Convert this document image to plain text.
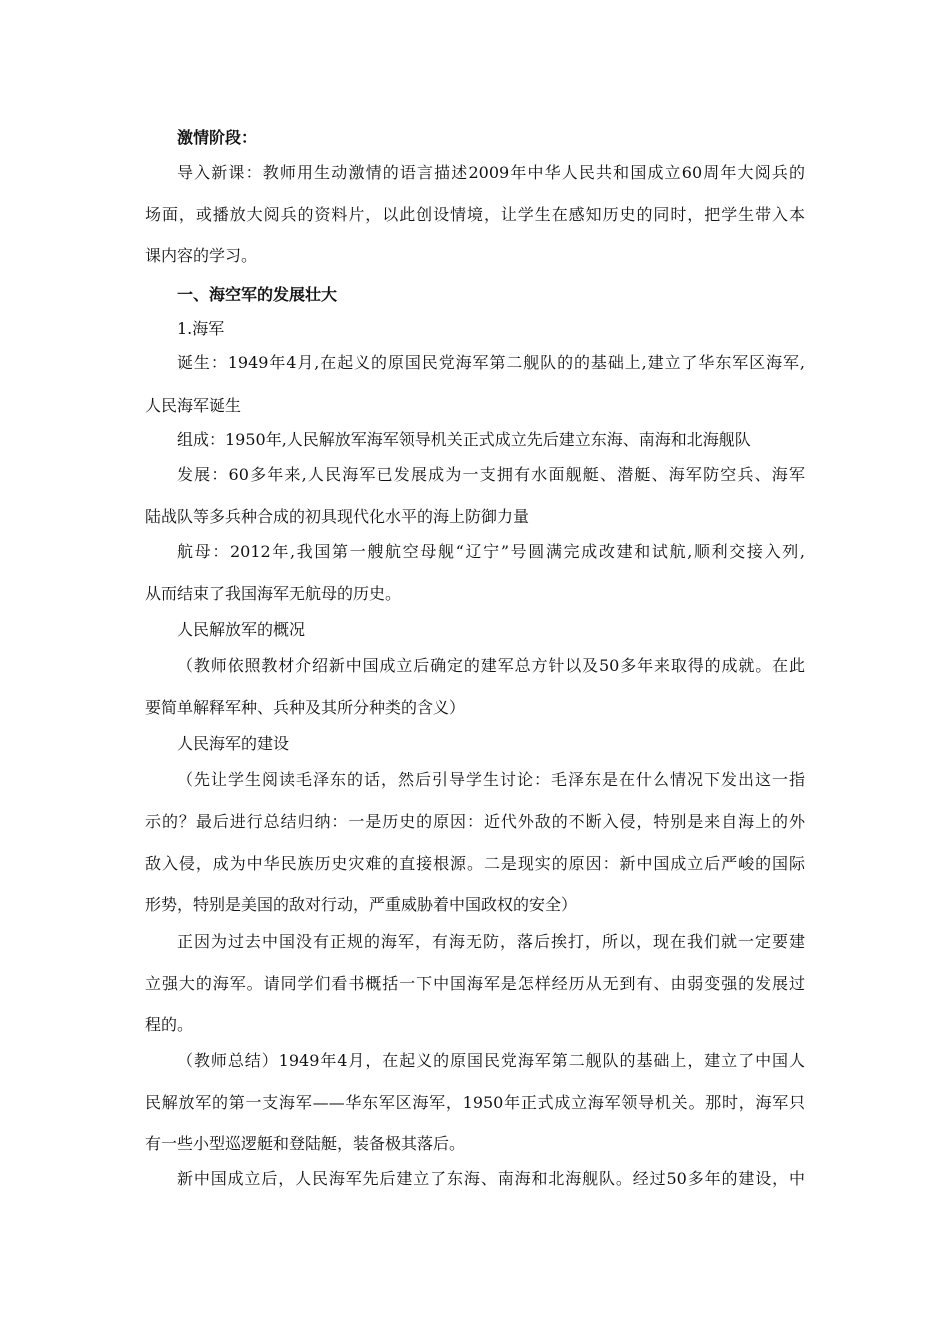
激情阶段：
导入新课：教师用生动激情的语言描述2009年中华人民共和国成立60周年大阅兵的
场面，或播放大阅兵的资料片，以此创设情境，让学生在感知历史的同时，把学生带入本
课内容的学习。
一、海空军的发展壮大
1.海军
诞生：1949年4月,在起义的原国民党海军第二舰队的的基础上,建立了华东军区海军,
人民海军诞生
组成：1950年,人民解放军海军领导机关正式成立先后建立东海、南海和北海舰队
发展：60多年来,人民海军已发展成为一支拥有水面舰艇、潜艇、海军防空兵、海军
陆战队等多兵种合成的初具现代化水平的海上防御力量
航母：2012年,我国第一艘航空母舰“辽宁”号圆满完成改建和试航,顺利交接入列,
从而结束了我国海军无航母的历史。
人民解放军的概况
（教师依照教材介绍新中国成立后确定的建军总方针以及50多年来取得的成就。在此
要简单解释军种、兵种及其所分种类的含义）
人民海军的建设
（先让学生阅读毛泽东的话，然后引导学生讨论：毛泽东是在什么情况下发出这一指
示的？最后进行总结归纳：一是历史的原因：近代外敌的不断入侵，特别是来自海上的外
敌入侵，成为中华民族历史灾难的直接根源。二是现实的原因：新中国成立后严峻的国际
形势，特别是美国的敌对行动，严重威胁着中国政权的安全）
正因为过去中国没有正规的海军，有海无防，落后挨打，所以，现在我们就一定要建
立强大的海军。请同学们看书概括一下中国海军是怎样经历从无到有、由弱变强的发展过
程的。
（教师总结）1949年4月，在起义的原国民党海军第二舰队的基础上，建立了中国人
民解放军的第一支海军——华东军区海军，1950年正式成立海军领导机关。那时，海军只
有一些小型巡逻艇和登陆艇，装备极其落后。
新中国成立后，人民海军先后建立了东海、南海和北海舰队。经过50多年的建设，中
